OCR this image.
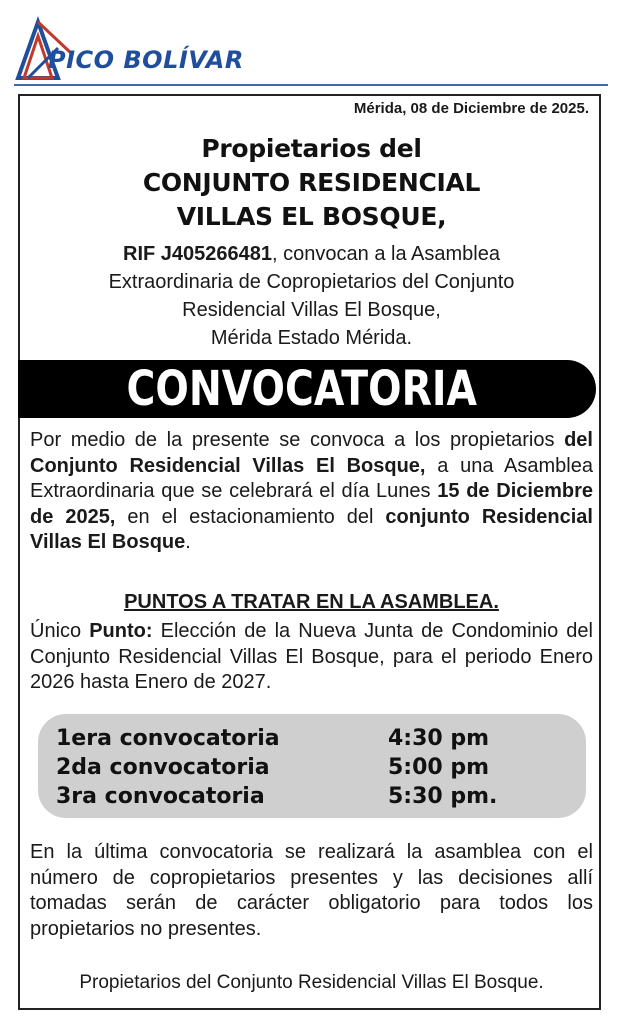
PICO BOLÍVAR
Mérida, 08 de Diciembre de 2025.
Propietarios del
CONJUNTO RESIDENCIAL
VILLAS EL BOSQUE,
RIF J405266481, convocan a la Asamblea
Extraordinaria de Copropietarios del Conjunto
Residencial Villas El Bosque,
Mérida Estado Mérida.
CONVOCATORIA
Por medio de la presente se convoca a los propietarios del Conjunto Residencial Villas El Bosque, a una Asamblea Extraordinaria que se celebrará el día Lunes 15 de Diciembre de 2025, en el estacionamiento del conjunto Residencial Villas El Bosque.
PUNTOS A TRATAR EN LA ASAMBLEA.
Único Punto: Elección de la Nueva Junta de Condominio del Conjunto Residencial Villas El Bosque, para el periodo Enero 2026 hasta Enero de 2027.
1era convocatoria	4:30 pm
2da convocatoria	5:00 pm
3ra convocatoria	5:30 pm.
En la última convocatoria se realizará la asamblea con el número de copropietarios presentes y las decisiones allí tomadas serán de carácter obligatorio para todos los propietarios no presentes.
Propietarios del Conjunto Residencial Villas El Bosque.
